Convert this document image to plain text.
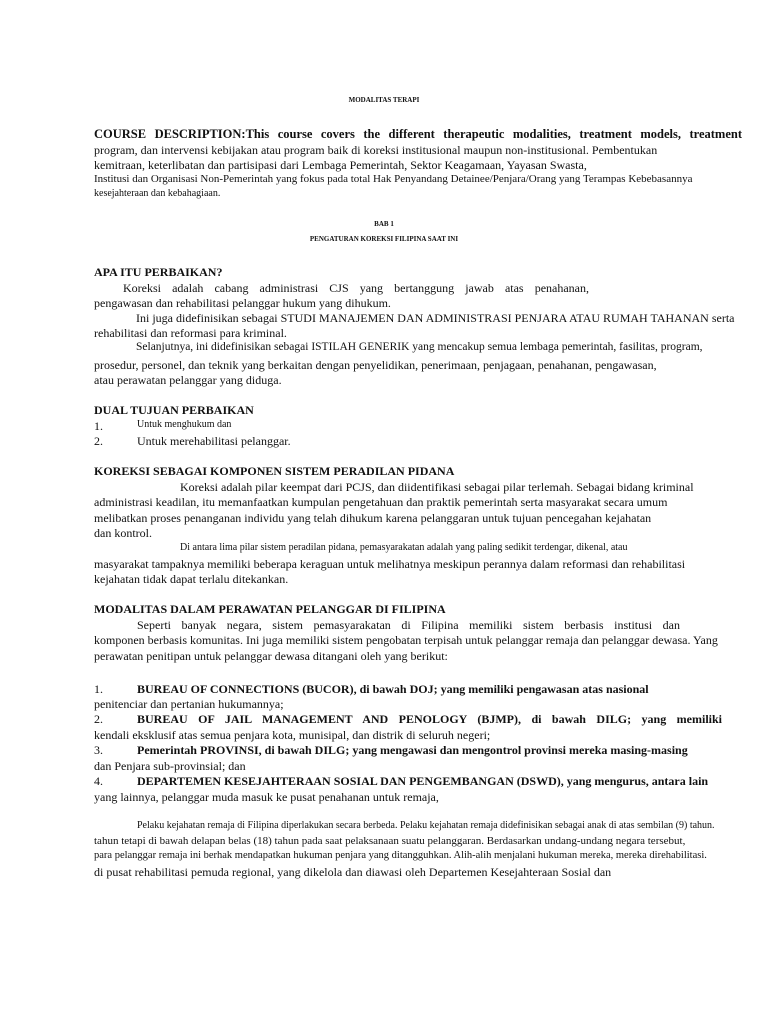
MODALITAS TERAPI
COURSE DESCRIPTION:This course covers the different therapeutic modalities, treatment models, treatment
program, dan intervensi kebijakan atau program baik di koreksi institusional maupun non-institusional. Pembentukan
kemitraan, keterlibatan dan partisipasi dari Lembaga Pemerintah, Sektor Keagamaan, Yayasan Swasta,
Institusi dan Organisasi Non-Pemerintah yang fokus pada total Hak Penyandang Detainee/Penjara/Orang yang Terampas Kebebasannya
kesejahteraan dan kebahagiaan.
BAB 1
PENGATURAN KOREKSI FILIPINA SAAT INI
APA ITU PERBAIKAN?
Koreksi adalah cabang administrasi CJS yang bertanggung jawab atas penahanan,
pengawasan dan rehabilitasi pelanggar hukum yang dihukum.
Ini juga didefinisikan sebagai STUDI MANAJEMEN DAN ADMINISTRASI PENJARA ATAU RUMAH TAHANAN serta
rehabilitasi dan reformasi para kriminal.
Selanjutnya, ini didefinisikan sebagai ISTILAH GENERIK yang mencakup semua lembaga pemerintah, fasilitas, program,
prosedur, personel, dan teknik yang berkaitan dengan penyelidikan, penerimaan, penjagaan, penahanan, pengawasan,
atau perawatan pelanggar yang diduga.
DUAL TUJUAN PERBAIKAN
1.	Untuk menghukum dan
2.	Untuk merehabilitasi pelanggar.
KOREKSI SEBAGAI KOMPONEN SISTEM PERADILAN PIDANA
Koreksi adalah pilar keempat dari PCJS, dan diidentifikasi sebagai pilar terlemah. Sebagai bidang kriminal
administrasi keadilan, itu memanfaatkan kumpulan pengetahuan dan praktik pemerintah serta masyarakat secara umum
melibatkan proses penanganan individu yang telah dihukum karena pelanggaran untuk tujuan pencegahan kejahatan
dan kontrol.
Di antara lima pilar sistem peradilan pidana, pemasyarakatan adalah yang paling sedikit terdengar, dikenal, atau
masyarakat tampaknya memiliki beberapa keraguan untuk melihatnya meskipun perannya dalam reformasi dan rehabilitasi
kejahatan tidak dapat terlalu ditekankan.
MODALITAS DALAM PERAWATAN PELANGGAR DI FILIPINA
Seperti banyak negara, sistem pemasyarakatan di Filipina memiliki sistem berbasis institusi dan
komponen berbasis komunitas. Ini juga memiliki sistem pengobatan terpisah untuk pelanggar remaja dan pelanggar dewasa. Yang
perawatan penitipan untuk pelanggar dewasa ditangani oleh yang berikut:
1.	BUREAU OF CONNECTIONS (BUCOR), di bawah DOJ; yang memiliki pengawasan atas nasional
penitenciar dan pertanian hukumannya;
2.	BUREAU OF JAIL MANAGEMENT AND PENOLOGY (BJMP), di bawah DILG; yang memiliki
kendali eksklusif atas semua penjara kota, munisipal, dan distrik di seluruh negeri;
3.	Pemerintah PROVINSI, di bawah DILG; yang mengawasi dan mengontrol provinsi mereka masing-masing
dan Penjara sub-provinsial; dan
4.	DEPARTEMEN KESEJAHTERAAN SOSIAL DAN PENGEMBANGAN (DSWD), yang mengurus, antara lain
yang lainnya, pelanggar muda masuk ke pusat penahanan untuk remaja,
Pelaku kejahatan remaja di Filipina diperlakukan secara berbeda. Pelaku kejahatan remaja didefinisikan sebagai anak di atas sembilan (9) tahun.
tahun tetapi di bawah delapan belas (18) tahun pada saat pelaksanaan suatu pelanggaran. Berdasarkan undang-undang negara tersebut,
para pelanggar remaja ini berhak mendapatkan hukuman penjara yang ditangguhkan. Alih-alih menjalani hukuman mereka, mereka direhabilitasi.
di pusat rehabilitasi pemuda regional, yang dikelola dan diawasi oleh Departemen Kesejahteraan Sosial dan
